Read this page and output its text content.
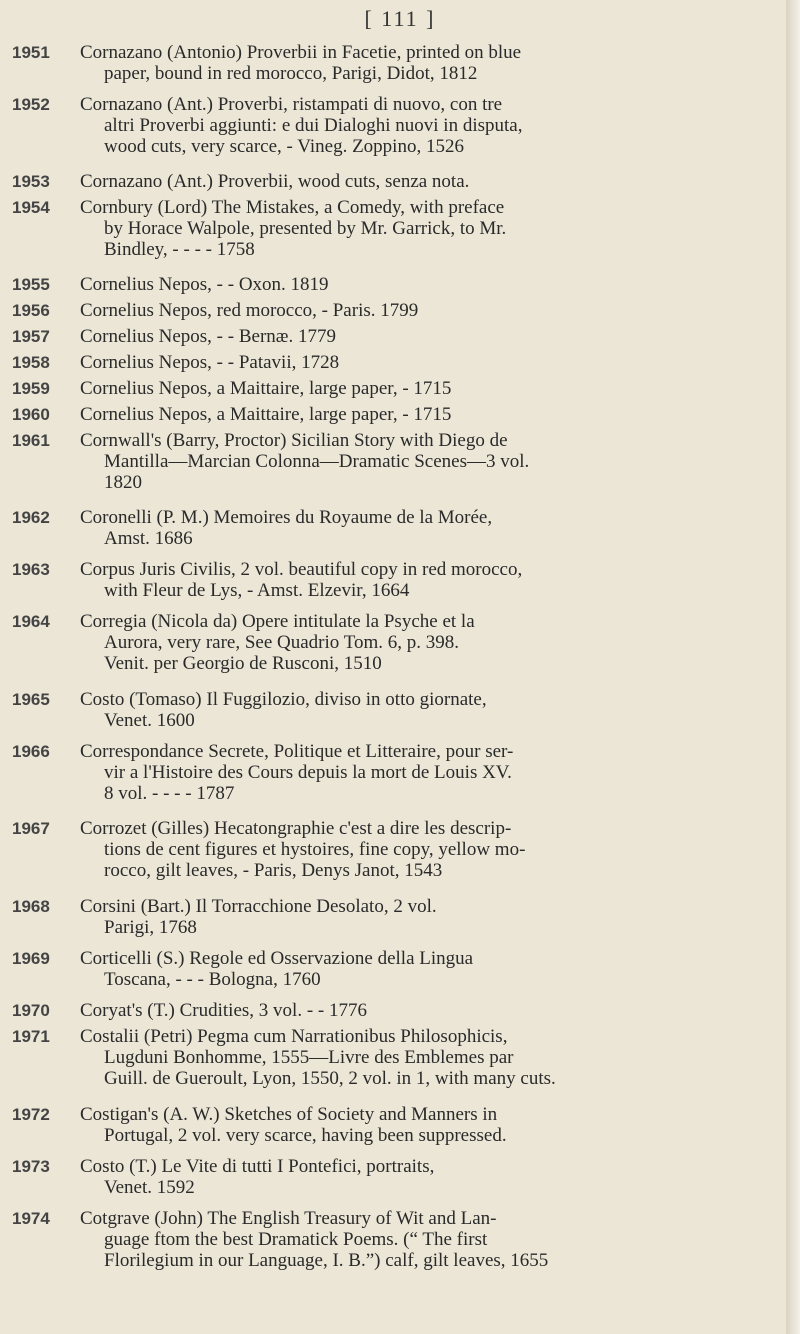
[ 111 ]
1951	Cornazano (Antonio) Proverbii in Facetie, printed on blue
paper, bound in red morocco, Parigi, Didot, 1812
1952	Cornazano (Ant.) Proverbi, ristampati di nuovo, con tre
altri Proverbi aggiunti: e dui Dialoghi nuovi in disputa,
wood cuts, very scarce, - Vineg. Zoppino, 1526
1953	Cornazano (Ant.) Proverbii, wood cuts, senza nota.
1954	Cornbury (Lord) The Mistakes, a Comedy, with preface
by Horace Walpole, presented by Mr. Garrick, to Mr.
Bindley, - - - - 1758
1955	Cornelius Nepos, - - Oxon. 1819
1956	Cornelius Nepos, red morocco, - Paris. 1799
1957	Cornelius Nepos, - - Bernæ. 1779
1958	Cornelius Nepos, - - Patavii, 1728
1959	Cornelius Nepos, a Maittaire, large paper, - 1715
1960	Cornelius Nepos, a Maittaire, large paper, - 1715
1961	Cornwall's (Barry, Proctor) Sicilian Story with Diego de
Mantilla—Marcian Colonna—Dramatic Scenes—3 vol.
1820
1962	Coronelli (P. M.) Memoires du Royaume de la Morée,
Amst. 1686
1963	Corpus Juris Civilis, 2 vol. beautiful copy in red morocco,
with Fleur de Lys, - Amst. Elzevir, 1664
1964	Corregia (Nicola da) Opere intitulate la Psyche et la
Aurora, very rare, See Quadrio Tom. 6, p. 398.
Venit. per Georgio de Rusconi, 1510
1965	Costo (Tomaso) Il Fuggilozio, diviso in otto giornate,
Venet. 1600
1966	Correspondance Secrete, Politique et Litteraire, pour ser-
vir a l'Histoire des Cours depuis la mort de Louis XV.
8 vol. - - - - 1787
1967	Corrozet (Gilles) Hecatongraphie c'est a dire les descrip-
tions de cent figures et hystoires, fine copy, yellow mo-
rocco, gilt leaves, - Paris, Denys Janot, 1543
1968	Corsini (Bart.) Il Torracchione Desolato, 2 vol.
Parigi, 1768
1969	Corticelli (S.) Regole ed Osservazione della Lingua
Toscana, - - - Bologna, 1760
1970	Coryat's (T.) Crudities, 3 vol. - - 1776
1971	Costalii (Petri) Pegma cum Narrationibus Philosophicis,
Lugduni Bonhomme, 1555—Livre des Emblemes par
Guill. de Gueroult, Lyon, 1550, 2 vol. in 1, with many cuts.
1972	Costigan's (A. W.) Sketches of Society and Manners in
Portugal, 2 vol. very scarce, having been suppressed.
1973	Costo (T.) Le Vite di tutti I Pontefici, portraits,
Venet. 1592
1974	Cotgrave (John) The English Treasury of Wit and Lan-
guage ftom the best Dramatick Poems. (“ The first
Florilegium in our Language, I. B.”) calf, gilt leaves, 1655
